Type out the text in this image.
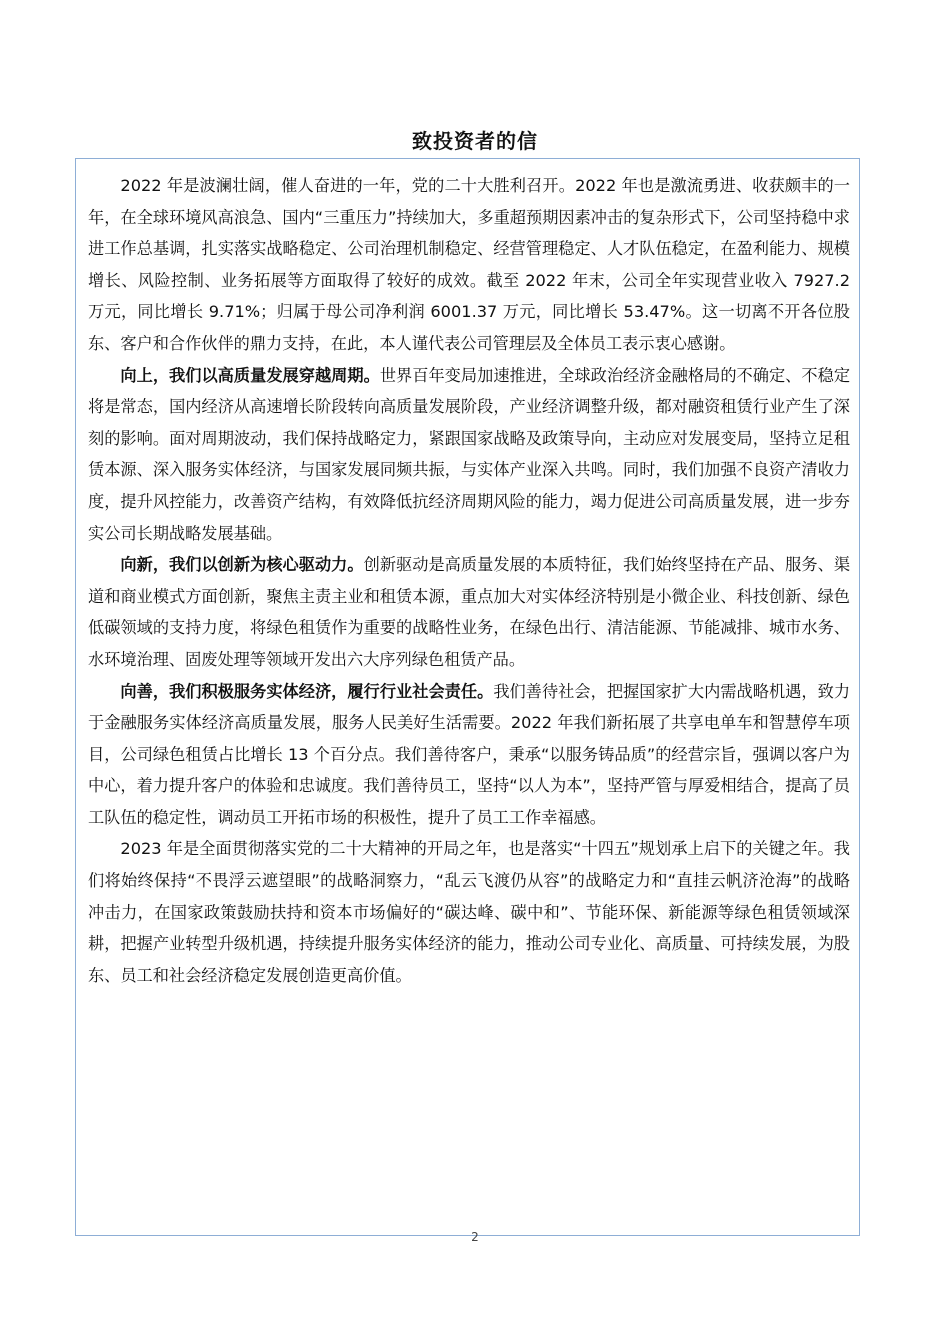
致投资者的信

2022 年是波澜壮阔，催人奋进的一年，党的二十大胜利召开。2022 年也是激流勇进、收获颇丰的一年，在全球环境风高浪急、国内“三重压力”持续加大，多重超预期因素冲击的复杂形式下，公司坚持稳中求进工作总基调，扎实落实战略稳定、公司治理机制稳定、经营管理稳定、人才队伍稳定，在盈利能力、规模增长、风险控制、业务拓展等方面取得了较好的成效。截至 2022 年末，公司全年实现营业收入 7927.2 万元，同比增长 9.71%；归属于母公司净利润 6001.37 万元，同比增长 53.47%。这一切离不开各位股东、客户和合作伙伴的鼎力支持，在此，本人谨代表公司管理层及全体员工表示衷心感谢。

向上，我们以高质量发展穿越周期。世界百年变局加速推进，全球政治经济金融格局的不确定、不稳定将是常态，国内经济从高速增长阶段转向高质量发展阶段，产业经济调整升级，都对融资租赁行业产生了深刻的影响。面对周期波动，我们保持战略定力，紧跟国家战略及政策导向，主动应对发展变局，坚持立足租赁本源、深入服务实体经济，与国家发展同频共振，与实体产业深入共鸣。同时，我们加强不良资产清收力度，提升风控能力，改善资产结构，有效降低抗经济周期风险的能力，竭力促进公司高质量发展，进一步夯实公司长期战略发展基础。

向新，我们以创新为核心驱动力。创新驱动是高质量发展的本质特征，我们始终坚持在产品、服务、渠道和商业模式方面创新，聚焦主责主业和租赁本源，重点加大对实体经济特别是小微企业、科技创新、绿色低碳领域的支持力度，将绿色租赁作为重要的战略性业务，在绿色出行、清洁能源、节能减排、城市水务、水环境治理、固废处理等领域开发出六大序列绿色租赁产品。

向善，我们积极服务实体经济，履行行业社会责任。我们善待社会，把握国家扩大内需战略机遇，致力于金融服务实体经济高质量发展，服务人民美好生活需要。2022 年我们新拓展了共享电单车和智慧停车项目，公司绿色租赁占比增长 13 个百分点。我们善待客户，秉承“以服务铸品质”的经营宗旨，强调以客户为中心，着力提升客户的体验和忠诚度。我们善待员工，坚持“以人为本”，坚持严管与厚爱相结合，提高了员工队伍的稳定性，调动员工开拓市场的积极性，提升了员工工作幸福感。

2023 年是全面贯彻落实党的二十大精神的开局之年，也是落实“十四五”规划承上启下的关键之年。我们将始终保持“不畏浮云遮望眼”的战略洞察力，“乱云飞渡仍从容”的战略定力和“直挂云帆济沧海”的战略冲击力，在国家政策鼓励扶持和资本市场偏好的“碳达峰、碳中和”、节能环保、新能源等绿色租赁领域深耕，把握产业转型升级机遇，持续提升服务实体经济的能力，推动公司专业化、高质量、可持续发展，为股东、员工和社会经济稳定发展创造更高价值。

2
